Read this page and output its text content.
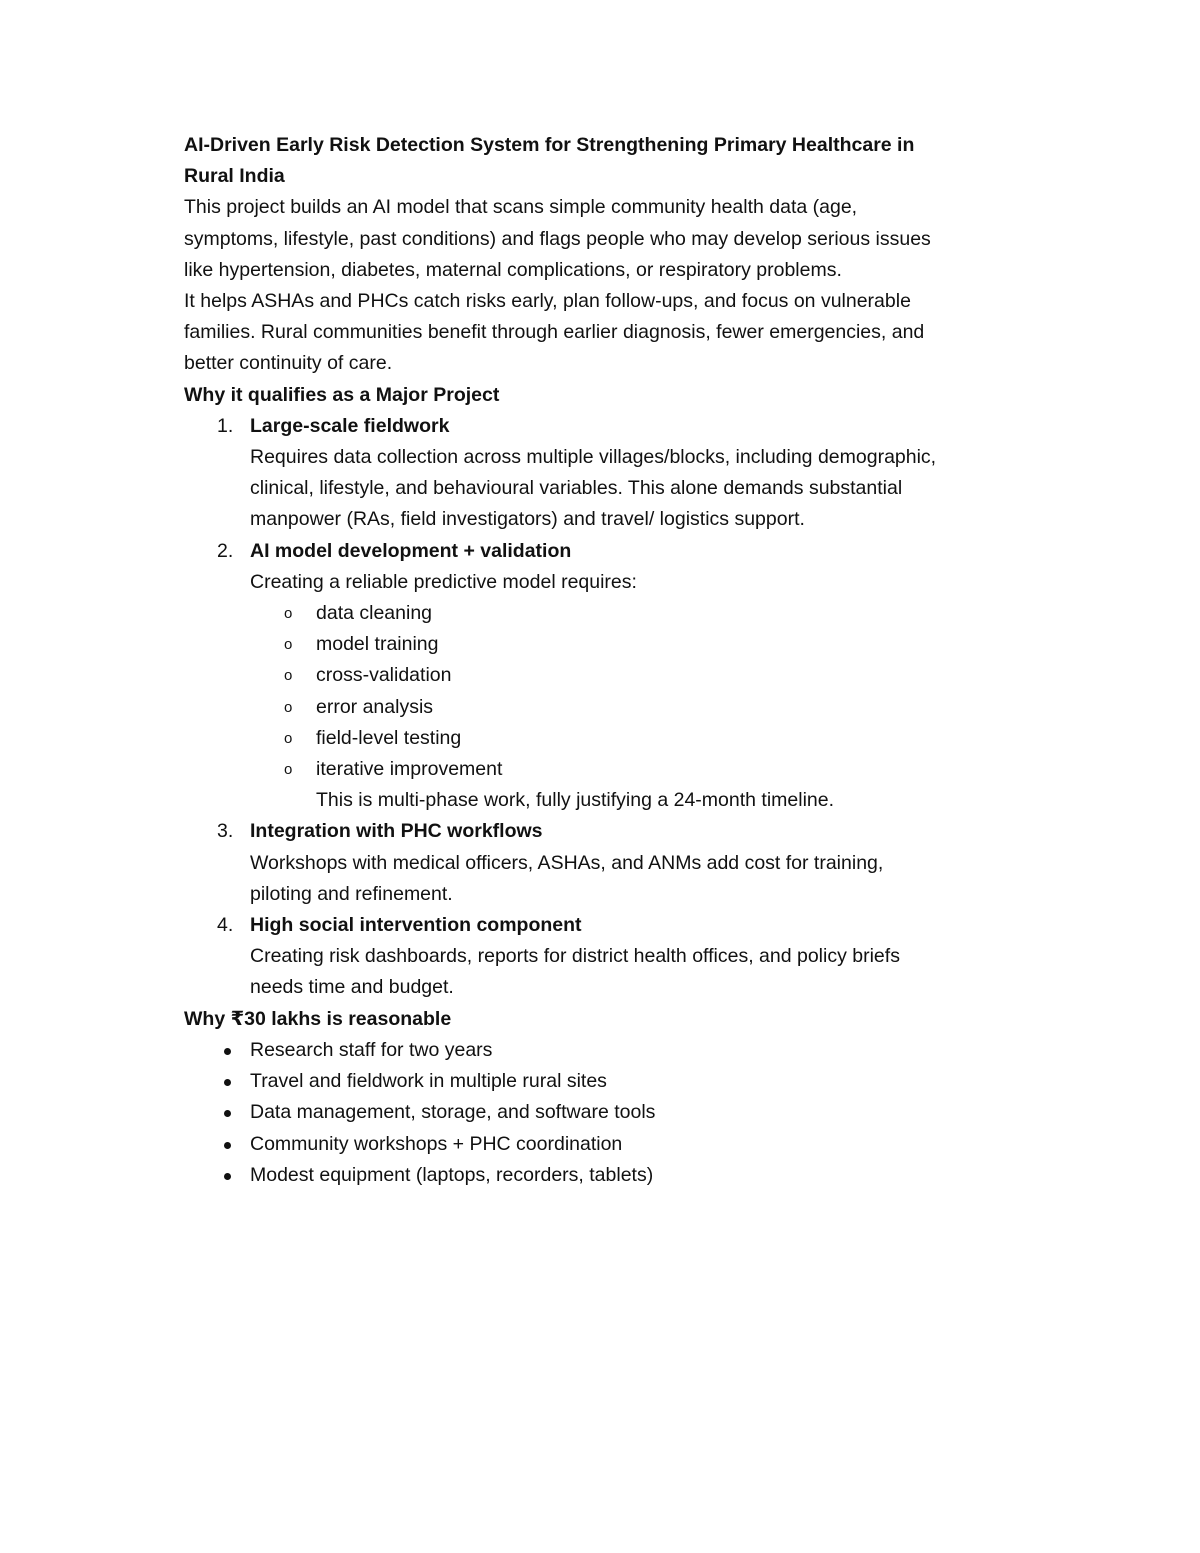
AI-Driven Early Risk Detection System for Strengthening Primary Healthcare in
Rural India
This project builds an AI model that scans simple community health data (age,
symptoms, lifestyle, past conditions) and flags people who may develop serious issues
like hypertension, diabetes, maternal complications, or respiratory problems.
It helps ASHAs and PHCs catch risks early, plan follow-ups, and focus on vulnerable
families. Rural communities benefit through earlier diagnosis, fewer emergencies, and
better continuity of care.
Why it qualifies as a Major Project
1. Large-scale fieldwork
Requires data collection across multiple villages/blocks, including demographic,
clinical, lifestyle, and behavioural variables. This alone demands substantial
manpower (RAs, field investigators) and travel/ logistics support.
2. AI model development + validation
Creating a reliable predictive model requires:
o data cleaning
o model training
o cross-validation
o error analysis
o field-level testing
o iterative improvement
This is multi-phase work, fully justifying a 24-month timeline.
3. Integration with PHC workflows
Workshops with medical officers, ASHAs, and ANMs add cost for training,
piloting and refinement.
4. High social intervention component
Creating risk dashboards, reports for district health offices, and policy briefs
needs time and budget.
Why ₹30 lakhs is reasonable
Research staff for two years
Travel and fieldwork in multiple rural sites
Data management, storage, and software tools
Community workshops + PHC coordination
Modest equipment (laptops, recorders, tablets)
